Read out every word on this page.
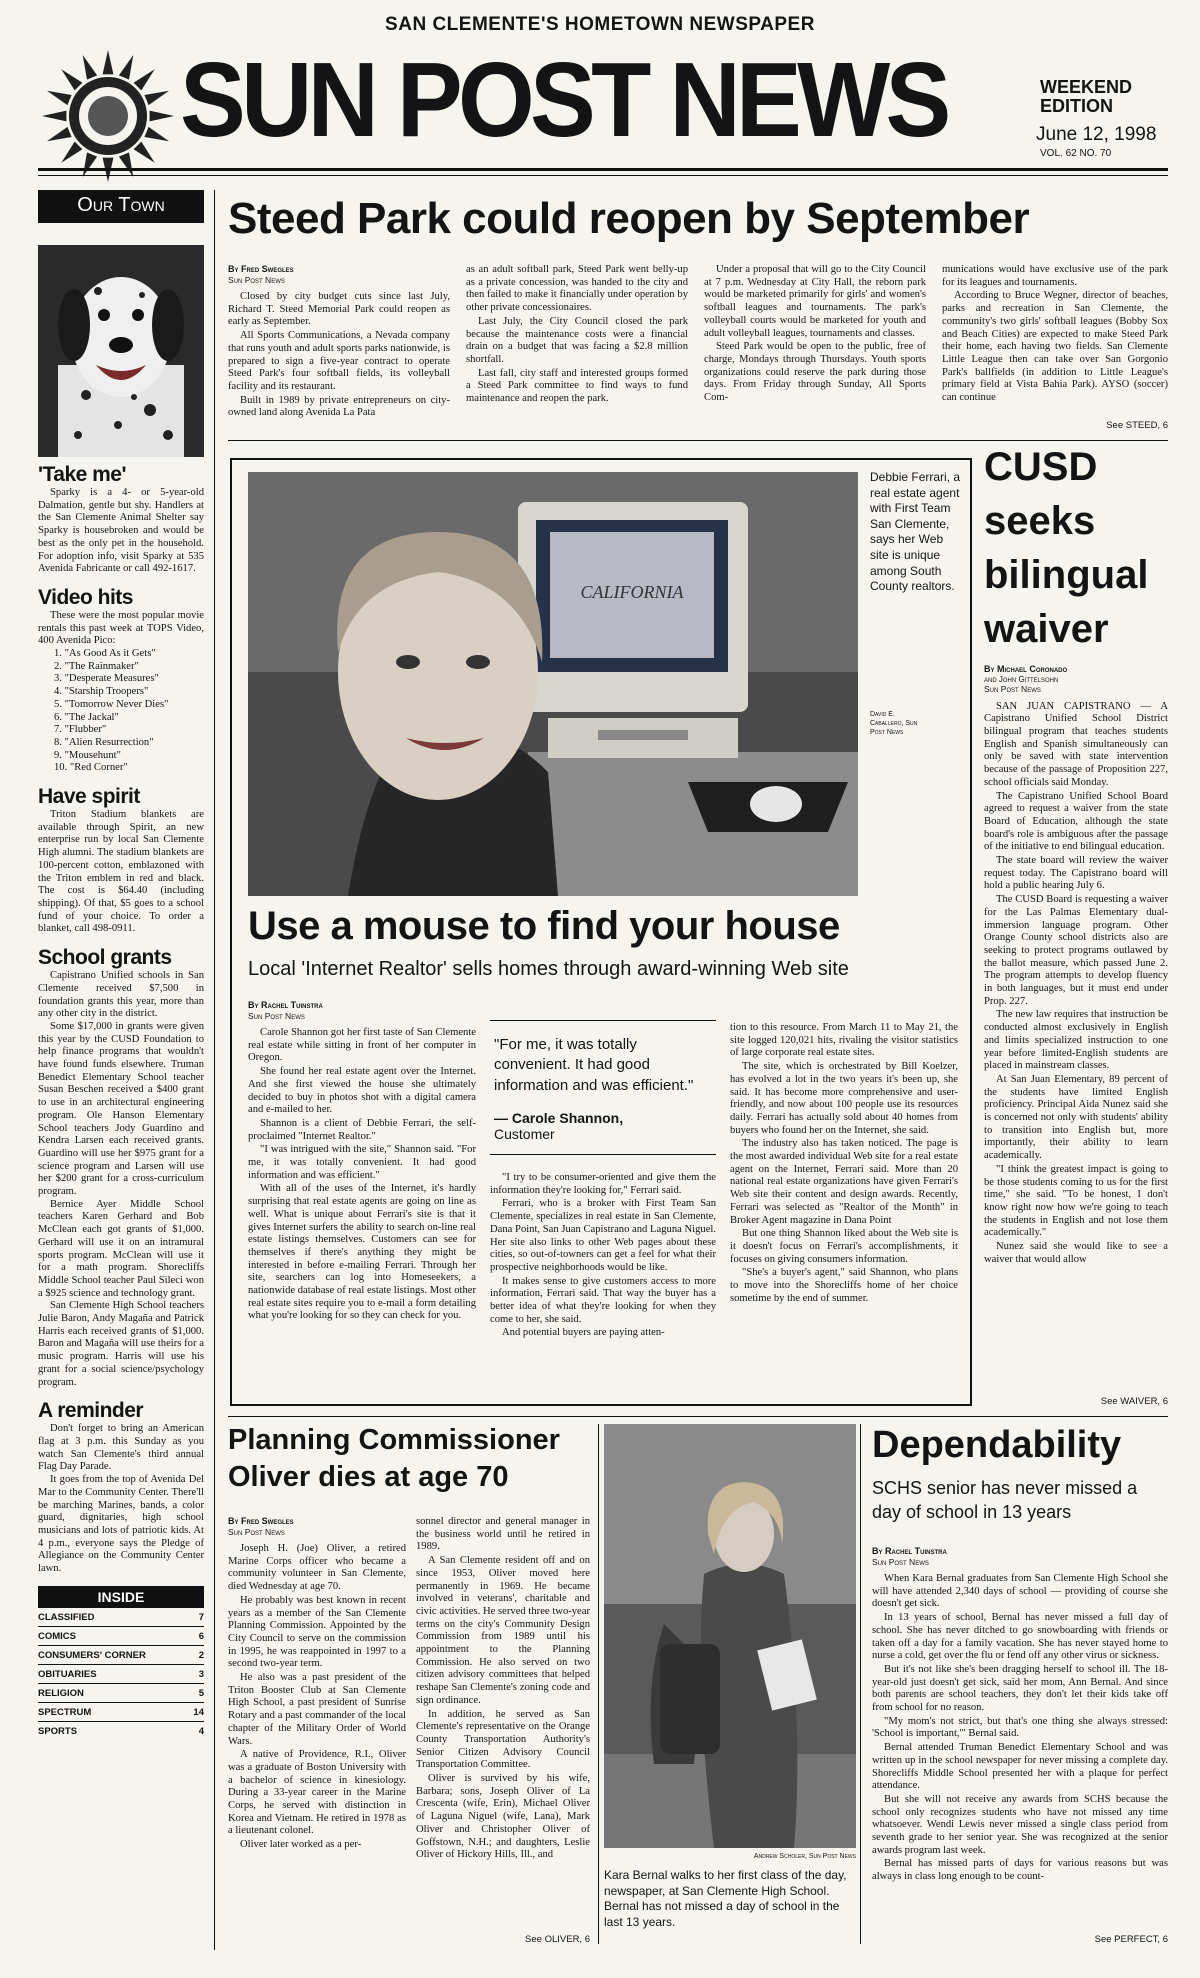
SAN CLEMENTE'S HOMETOWN NEWSPAPER
SUN POST NEWS	WEEKEND EDITION
June 12, 1998
VOL. 62 NO. 70
Our Town
'Take me'
Sparky is a 4- or 5-year-old Dalmation, gentle but shy. Handlers at the San Clemente Animal Shelter say Sparky is housebroken and would be best as the only pet in the household. For adoption info, visit Sparky at 535 Avenida Fabricante or call 492-1617.
Video hits
These were the most popular movie rentals this past week at TOPS Video, 400 Avenida Pico:
1. "As Good As it Gets"
2. "The Rainmaker"
3. "Desperate Measures"
4. "Starship Troopers"
5. "Tomorrow Never Dies"
6. "The Jackal"
7. "Flubber"
8. "Alien Resurrection"
9. "Mousehunt"
10. "Red Corner"
Have spirit
Triton Stadium blankets are available through Spirit, an new enterprise run by local San Clemente High alumni. The stadium blankets are 100-percent cotton, emblazoned with the Triton emblem in red and black. The cost is $64.40 (including shipping). Of that, $5 goes to a school fund of your choice. To order a blanket, call 498-0911.
School grants
Capistrano Unified schools in San Clemente received $7,500 in foundation grants this year, more than any other city in the district.
Some $17,000 in grants were given this year by the CUSD Foundation to help finance programs that wouldn't have found funds elsewhere. Truman Benedict Elementary School teacher Susan Beschen received a $400 grant to use in an architectural engineering program. Ole Hanson Elementary School teachers Jody Guardino and Kendra Larsen each received grants. Guardino will use her $975 grant for a science program and Larsen will use her $200 grant for a cross-curriculum program.
Bernice Ayer Middle School teachers Karen Gerhard and Bob McClean each got grants of $1,000. Gerhard will use it on an intramural sports program. McClean will use it for a math program. Shorecliffs Middle School teacher Paul Sileci won a $925 science and technology grant.
San Clemente High School teachers Julie Baron, Andy Magaña and Patrick Harris each received grants of $1,000. Baron and Magaña will use theirs for a music program. Harris will use his grant for a social science/psychology program.
A reminder
Don't forget to bring an American flag at 3 p.m. this Sunday as you watch San Clemente's third annual Flag Day Parade.
It goes from the top of Avenida Del Mar to the Community Center. There'll be marching Marines, bands, a color guard, dignitaries, high school musicians and lots of patriotic kids. At 4 p.m., everyone says the Pledge of Allegiance on the Community Center lawn.
INSIDE
CLASSIFIED	7
COMICS	6
CONSUMERS' CORNER	2
OBITUARIES	3
RELIGION	5
SPECTRUM	14
SPORTS	4
Steed Park could reopen by September
By Fred Swegles
Sun Post News

Closed by city budget cuts since last July, Richard T. Steed Memorial Park could reopen as early as September.

All Sports Communications, a Nevada company that runs youth and adult sports parks nationwide, is prepared to sign a five-year contract to operate Steed Park's four softball fields, its volleyball facility and its restaurant.

Built in 1989 by private entrepreneurs on city-owned land along Avenida La Pata

as an adult softball park, Steed Park went belly-up as a private concession, was handed to the city and then failed to make it financially under operation by other private concessionaires.

Last July, the City Council closed the park because the maintenance costs were a financial drain on a budget that was facing a $2.8 million shortfall.

Last fall, city staff and interested groups formed a Steed Park committee to find ways to fund maintenance and reopen the park.

Under a proposal that will go to the City Council at 7 p.m. Wednesday at City Hall, the reborn park would be marketed primarily for girls' and women's softball leagues and tournaments. The park's volleyball courts would be marketed for youth and adult volleyball leagues, tournaments and classes.

Steed Park would be open to the public, free of charge, Mondays through Thursdays. Youth sports organizations could reserve the park during those days. From Friday through Sunday, All Sports Com-

munications would have exclusive use of the park for its leagues and tournaments.

According to Bruce Wegner, director of beaches, parks and recreation in San Clemente, the community's two girls' softball leagues (Bobby Sox and Beach Cities) are expected to make Steed Park their home, each having two fields. San Clemente Little League then can take over San Gorgonio Park's ballfields (in addition to Little League's primary field at Vista Bahia Park). AYSO (soccer) can continue

See STEED, 6
CALIFORNIA
Debbie Ferrari, a real estate agent with First Team San Clemente, says her Web site is unique among South County realtors.
David E. Caballero, Sun Post News
Use a mouse to find your house
Local 'Internet Realtor' sells homes through award-winning Web site
By Rachel Tuinstra
Sun Post News

Carole Shannon got her first taste of San Clemente real estate while sitting in front of her computer in Oregon.

She found her real estate agent over the Internet. And she first viewed the house she ultimately decided to buy in photos shot with a digital camera and e-mailed to her.

Shannon is a client of Debbie Ferrari, the self-proclaimed "Internet Realtor."

"I was intrigued with the site," Shannon said. "For me, it was totally convenient. It had good information and was efficient."

With all of the uses of the Internet, it's hardly surprising that real estate agents are going on line as well. What is unique about Ferrari's site is that it gives Internet surfers the ability to search on-line real estate listings themselves. Customers can see for themselves if there's anything they might be interested in before e-mailing Ferrari. Through her site, searchers can log into Homeseekers, a nationwide database of real estate listings. Most other real estate sites require you to e-mail a form detailing what you're looking for so they can check for you.

"For me, it was totally convenient. It had good information and was efficient."
— Carole Shannon,
Customer

"I try to be consumer-oriented and give them the information they're looking for," Ferrari said.

Ferrari, who is a broker with First Team San Clemente, specializes in real estate in San Clemente, Dana Point, San Juan Capistrano and Laguna Niguel. Her site also links to other Web pages about these cities, so out-of-towners can get a feel for what their prospective neighborhoods would be like.

It makes sense to give customers access to more information, Ferrari said. That way the buyer has a better idea of what they're looking for when they come to her, she said.

And potential buyers are paying atten-

tion to this resource. From March 11 to May 21, the site logged 120,021 hits, rivaling the visitor statistics of large corporate real estate sites.

The site, which is orchestrated by Bill Koelzer, has evolved a lot in the two years it's been up, she said. It has become more comprehensive and user-friendly, and now about 100 people use its resources daily. Ferrari has actually sold about 40 homes from buyers who found her on the Internet, she said.

The industry also has taken noticed. The page is the most awarded individual Web site for a real estate agent on the Internet, Ferrari said. More than 20 national real estate organizations have given Ferrari's Web site their content and design awards. Recently, Ferrari was selected as "Realtor of the Month" in Broker Agent magazine in Dana Point

But one thing Shannon liked about the Web site is it doesn't focus on Ferrari's accomplishments, it focuses on giving consumers information.

"She's a buyer's agent," said Shannon, who plans to move into the Shorecliffs home of her choice sometime by the end of summer.

CUSD seeks bilingual waiver
By Michael Coronado
and John Gittelsohn
Sun Post News

SAN JUAN CAPISTRANO — A Capistrano Unified School District bilingual program that teaches students English and Spanish simultaneously can only be saved with state intervention because of the passage of Proposition 227, school officials said Monday.

The Capistrano Unified School Board agreed to request a waiver from the state Board of Education, although the state board's role is ambiguous after the passage of the initiative to end bilingual education.

The state board will review the waiver request today. The Capistrano board will hold a public hearing July 6.

The CUSD Board is requesting a waiver for the Las Palmas Elementary dual-immersion language program. Other Orange County school districts also are seeking to protect programs outlawed by the ballot measure, which passed June 2. The program attempts to develop fluency in both languages, but it must end under Prop. 227.

The new law requires that instruction be conducted almost exclusively in English and limits specialized instruction to one year before limited-English students are placed in mainstream classes.

At San Juan Elementary, 89 percent of the students have limited English proficiency. Principal Aida Nunez said she is concerned not only with students' ability to transition into English but, more importantly, their ability to learn academically.

"I think the greatest impact is going to be those students coming to us for the first time," she said. "To be honest, I don't know right now how we're going to teach the students in English and not lose them academically."

Nunez said she would like to see a waiver that would allow

See WAIVER, 6
Planning Commissioner Oliver dies at age 70
By Fred Swegles
Sun Post News

Joseph H. (Joe) Oliver, a retired Marine Corps officer who became a community volunteer in San Clemente, died Wednesday at age 70.

He probably was best known in recent years as a member of the San Clemente Planning Commission. Appointed by the City Council to serve on the commission in 1995, he was reappointed in 1997 to a second two-year term.

He also was a past president of the Triton Booster Club at San Clemente High School, a past president of Sunrise Rotary and a past commander of the local chapter of the Military Order of World Wars.

A native of Providence, R.I., Oliver was a graduate of Boston University with a bachelor of science in kinesiology. During a 33-year career in the Marine Corps, he served with distinction in Korea and Vietnam. He retired in 1978 as a lieutenant colonel.

Oliver later worked as a per-

sonnel director and general manager in the business world until he retired in 1989.

A San Clemente resident off and on since 1953, Oliver moved here permanently in 1969. He became involved in veterans', charitable and civic activities. He served three two-year terms on the city's Community Design Commission from 1989 until his appointment to the Planning Commission. He also served on two citizen advisory committees that helped reshape San Clemente's zoning code and sign ordinance.

In addition, he served as San Clemente's representative on the Orange County Transportation Authority's Senior Citizen Advisory Council Transportation Committee.

Oliver is survived by his wife, Barbara; sons, Joseph Oliver of La Crescenta (wife, Erin), Michael Oliver of Laguna Niguel (wife, Lana), Mark Oliver and Christopher Oliver of Goffstown, N.H.; and daughters, Leslie Oliver of Hickory Hills, Ill., and

See OLIVER, 6
Andrew Scholer, Sun Post News
Kara Bernal walks to her first class of the day, newspaper, at San Clemente High School. Bernal has not missed a day of school in the last 13 years.
Dependability
SCHS senior has never missed a day of school in 13 years
By Rachel Tuinstra
Sun Post News

When Kara Bernal graduates from San Clemente High School she will have attended 2,340 days of school — providing of course she doesn't get sick.

In 13 years of school, Bernal has never missed a full day of school. She has never ditched to go snowboarding with friends or taken off a day for a family vacation. She has never stayed home to nurse a cold, get over the flu or fend off any other virus or sickness.

But it's not like she's been dragging herself to school ill. The 18-year-old just doesn't get sick, said her mom, Ann Bernal. And since both parents are school teachers, they don't let their kids take off from school for no reason.

"My mom's not strict, but that's one thing she always stressed: 'School is important,'" Bernal said.

Bernal attended Truman Benedict Elementary School and was written up in the school newspaper for never missing a complete day. Shorecliffs Middle School presented her with a plaque for perfect attendance.

But she will not receive any awards from SCHS because the school only recognizes students who have not missed any time whatsoever. Wendi Lewis never missed a single class period from seventh grade to her senior year. She was recognized at the senior awards program last week.

Bernal has missed parts of days for various reasons but was always in class long enough to be count-

See PERFECT, 6
